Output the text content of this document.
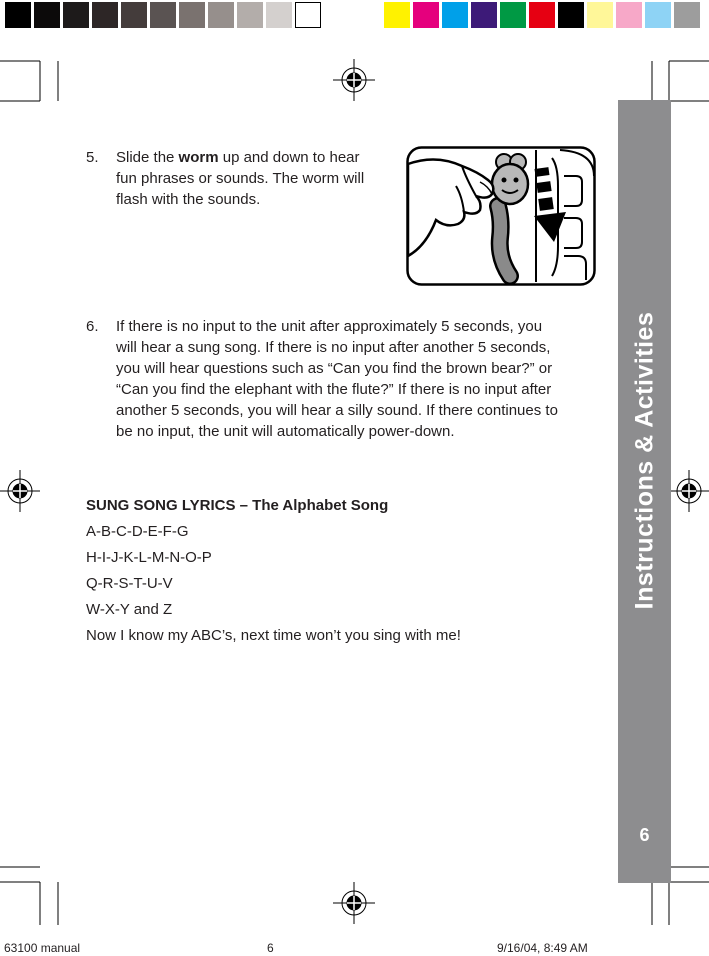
Instructions & Activities
6
5. Slide the worm up and down to hear
fun phrases or sounds. The worm will
flash with the sounds.
6. If there is no input to the unit after approximately 5 seconds, you
will hear a sung song. If there is no input after another 5 seconds,
you will hear questions such as “Can you find the brown bear?” or
“Can you find the elephant with the flute?” If there is no input after
another 5 seconds, you will hear a silly sound. If there continues to
be no input, the unit will automatically power-down.
SUNG SONG LYRICS – The Alphabet Song
A-B-C-D-E-F-G
H-I-J-K-L-M-N-O-P
Q-R-S-T-U-V
W-X-Y and Z
Now I know my ABC’s, next time won’t you sing with me!
63100 manual	6	9/16/04, 8:49 AM
